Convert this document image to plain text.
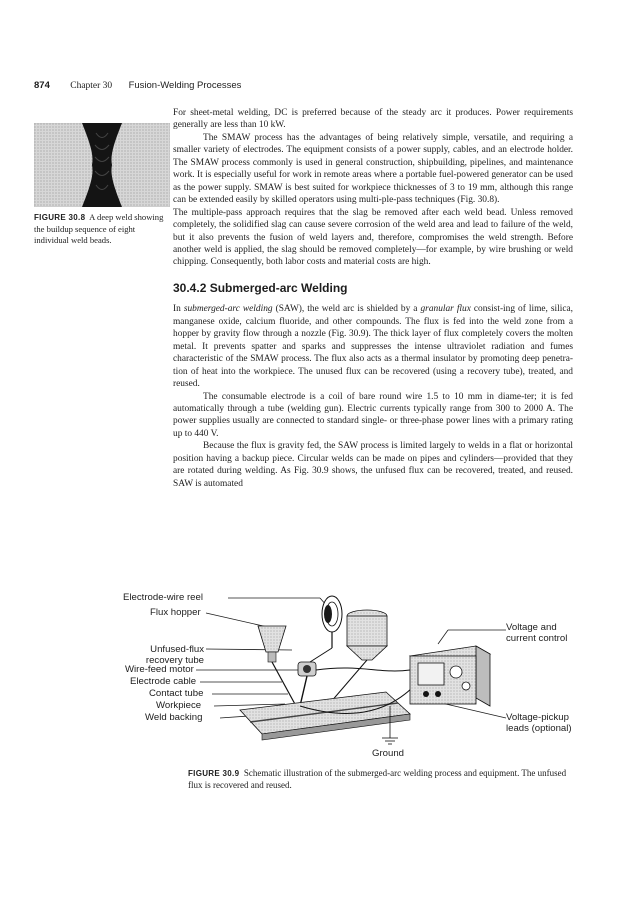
874 Chapter 30 Fusion-Welding Processes
FIGURE 30.8 A deep weld showing the buildup sequence of eight individual weld beads.

For sheet-metal welding, DC is preferred because of the steady arc it produces. Power requirements generally are less than 10 kW.

The SMAW process has the advantages of being relatively simple, versatile, and requiring a smaller variety of electrodes. The equipment consists of a power supply, cables, and an electrode holder. The SMAW process commonly is used in general construction, shipbuilding, pipelines, and maintenance work. It is especially useful for work in remote areas where a portable fuel-powered generator can be used as the power supply. SMAW is best suited for workpiece thicknesses of 3 to 19 mm, although this range can be extended easily by skilled operators using multi-ple-pass techniques (Fig. 30.8).

The multiple-pass approach requires that the slag be removed after each weld bead. Unless removed completely, the solidified slag can cause severe corrosion of the weld area and lead to failure of the weld, but it also prevents the fusion of weld layers and, therefore, compromises the weld strength. Before another weld is applied, the slag should be removed completely—for example, by wire brushing or weld chipping. Consequently, both labor costs and material costs are high.

30.4.2 Submerged-arc Welding

In submerged-arc welding (SAW), the weld arc is shielded by a granular flux consist-ing of lime, silica, manganese oxide, calcium fluoride, and other compounds. The flux is fed into the weld zone from a hopper by gravity flow through a nozzle (Fig. 30.9). The thick layer of flux completely covers the molten metal. It prevents spatter and sparks and suppresses the intense ultraviolet radiation and fumes characteristic of the SMAW process. The flux also acts as a thermal insulator by promoting deep penetra-tion of heat into the workpiece. The unused flux can be recovered (using a recovery tube), treated, and reused.

The consumable electrode is a coil of bare round wire 1.5 to 10 mm in diame-ter; it is fed automatically through a tube (welding gun). Electric currents typically range from 300 to 2000 A. The power supplies usually are connected to standard single- or three-phase power lines with a primary rating up to 440 V.

Because the flux is gravity fed, the SAW process is limited largely to welds in a flat or horizontal position having a backup piece. Circular welds can be made on pipes and cylinders—provided that they are rotated during welding. As Fig. 30.9 shows, the unfused flux can be recovered, treated, and reused. SAW is automated

Electrode-wire reel
Flux hopper
Unfused-flux recovery tube
Wire-feed motor
Electrode cable
Contact tube
Workpiece
Weld backing
Ground
Voltage and current control
Voltage-pickup leads (optional)
FIGURE 30.9 Schematic illustration of the submerged-arc welding process and equipment. The unfused flux is recovered and reused.
